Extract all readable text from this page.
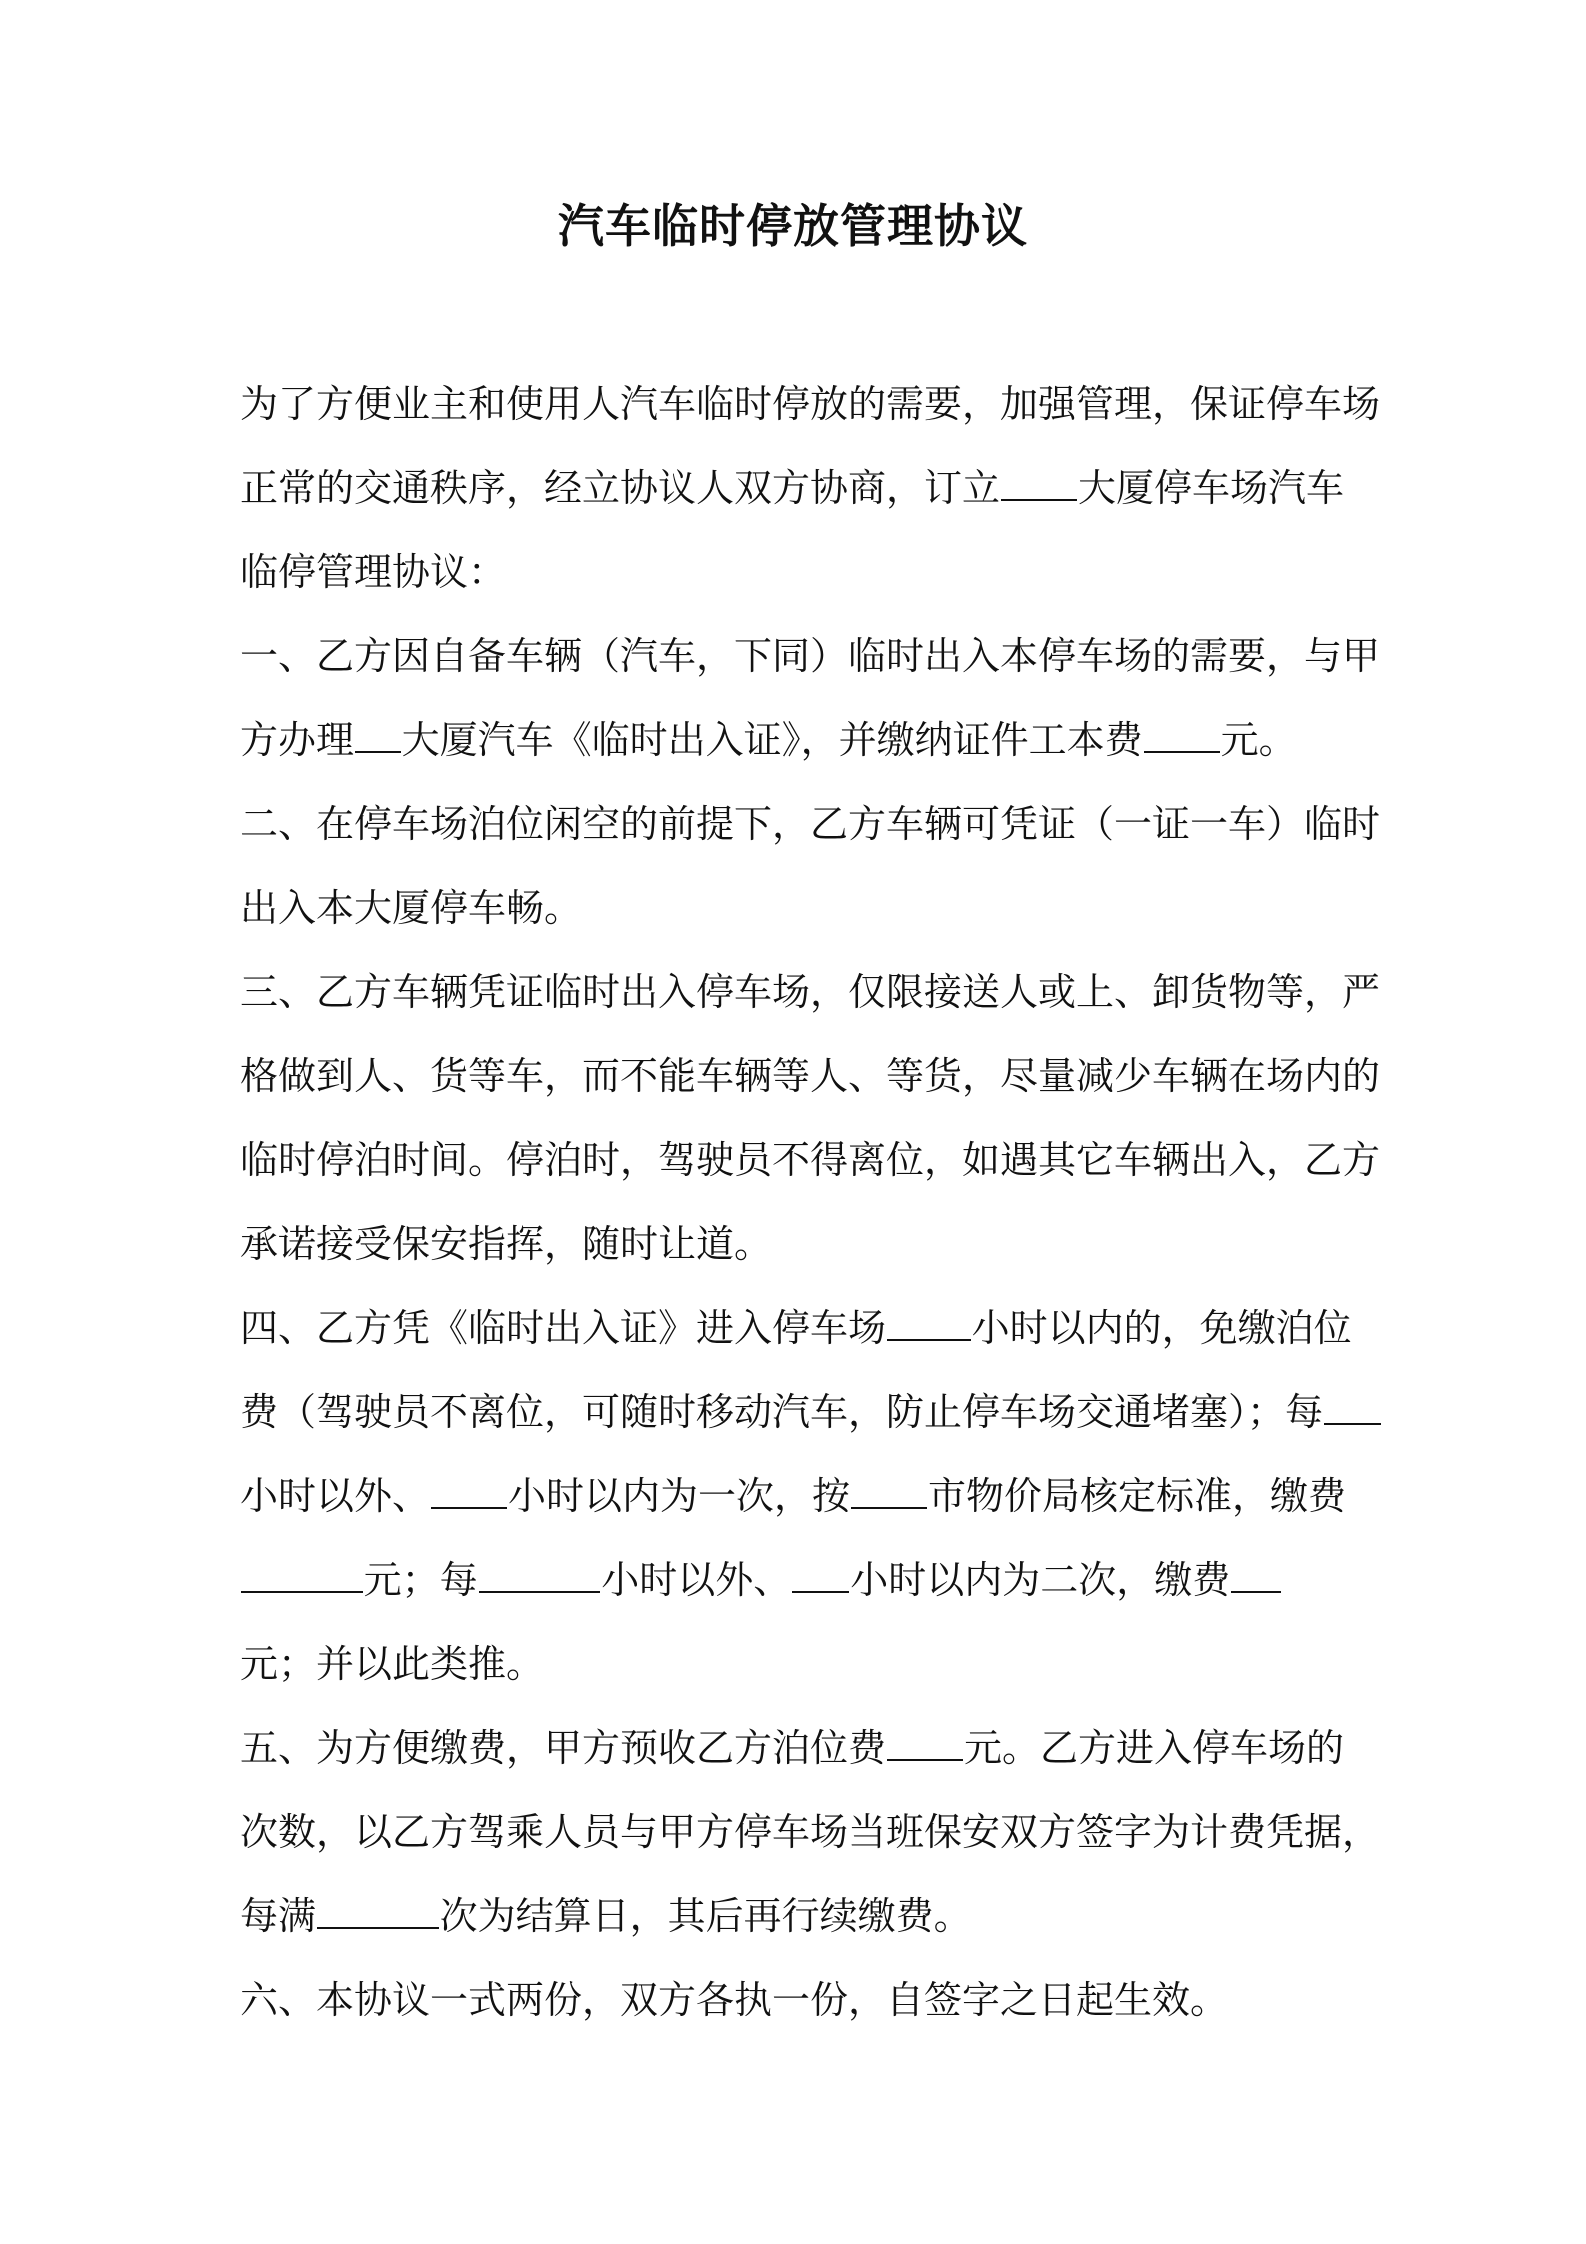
汽车临时停放管理协议
为了方便业主和使用人汽车临时停放的需要，加强管理，保证停车场
正常的交通秩序，经立协议人双方协商，订立 大厦停车场汽车
临停管理协议：
一、乙方因自备车辆（汽车，下同）临时出入本停车场的需要，与甲
方办理 大厦汽车《临时出入证》，并缴纳证件工本费 元。
二、在停车场泊位闲空的前提下，乙方车辆可凭证（一证一车）临时
出入本大厦停车畅。
三、乙方车辆凭证临时出入停车场，仅限接送人或上、卸货物等，严
格做到人、货等车，而不能车辆等人、等货，尽量减少车辆在场内的
临时停泊时间。停泊时，驾驶员不得离位，如遇其它车辆出入，乙方
承诺接受保安指挥，随时让道。
四、乙方凭《临时出入证》进入停车场 小时以内的，免缴泊位
费（驾驶员不离位，可随时移动汽车，防止停车场交通堵塞）；每
小时以外、 小时以内为一次，按 市物价局核定标准，缴费
元；每	小时以外、 小时以内为二次，缴费
元；并以此类推。
五、为方便缴费，甲方预收乙方泊位费 元。乙方进入停车场的
次数，以乙方驾乘人员与甲方停车场当班保安双方签字为计费凭据，
每满	次为结算日，其后再行续缴费。
六、本协议一式两份，双方各执一份，自签字之日起生效。
